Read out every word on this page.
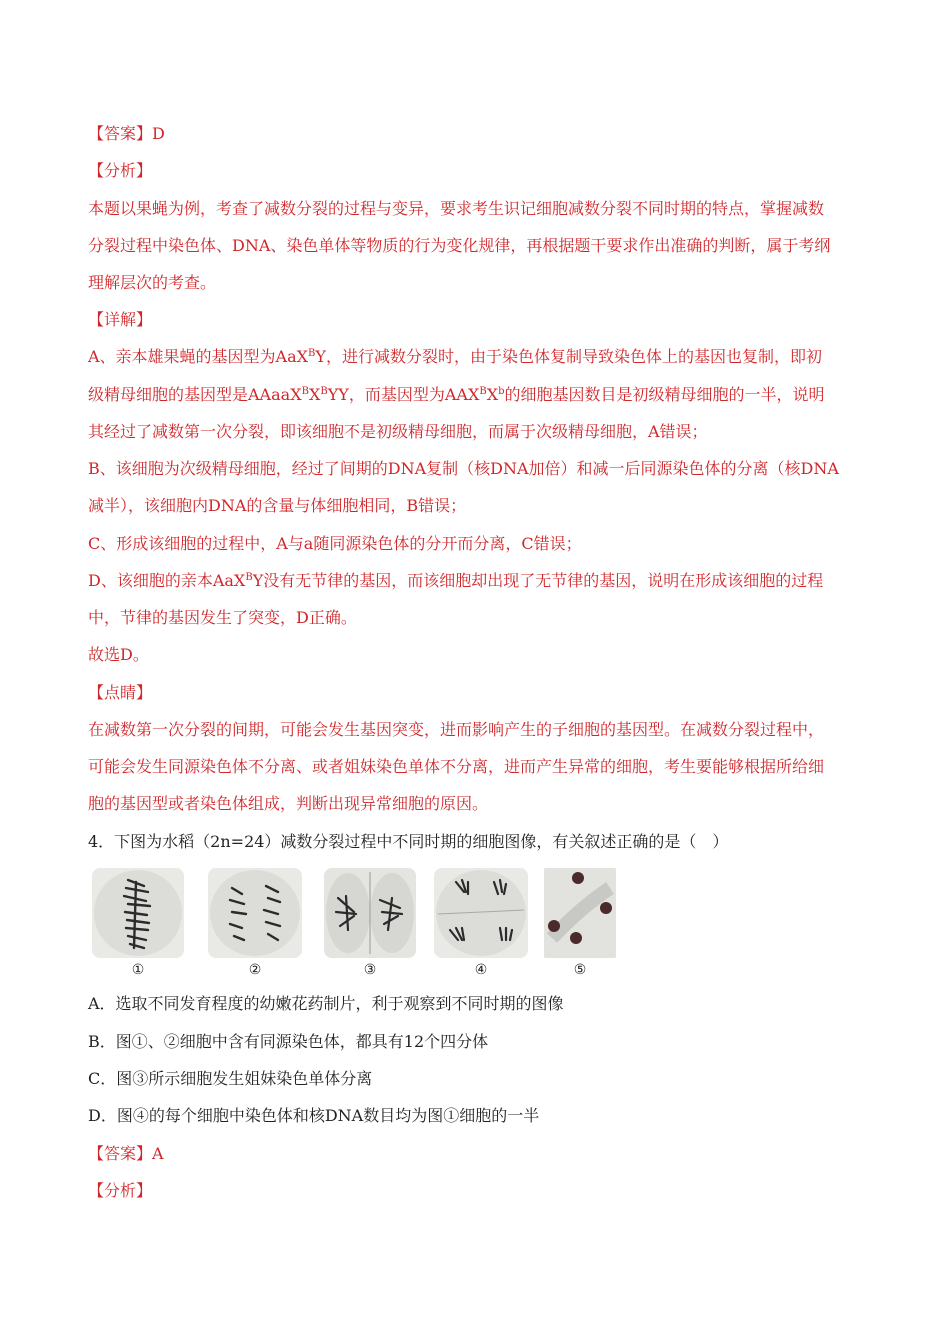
【答案】D
【分析】
本题以果蝇为例，考查了减数分裂的过程与变异，要求考生识记细胞减数分裂不同时期的特点，掌握减数
分裂过程中染色体、DNA、染色单体等物质的行为变化规律，再根据题干要求作出准确的判断，属于考纲
理解层次的考查。
【详解】
A、亲本雄果蝇的基因型为AaX$^B$Y，进行减数分裂时，由于染色体复制导致染色体上的基因也复制，即初
级精母细胞的基因型是$AAaaX^BX^BYY$，而基因型为$AAX^BX^b$的细胞基因数目是初级精母细胞的一半，说明
其经过了减数第一次分裂，即该细胞不是初级精母细胞，而属于次级精母细胞，A错误；
B、该细胞为次级精母细胞，经过了间期的DNA复制（核DNA加倍）和减一后同源染色体的分离（核DNA
减半），该细胞内DNA的含量与体细胞相同，B错误；
C、形成该细胞的过程中，A与a随同源染色体的分开而分离，C错误；
D、该细胞的亲本AaX$^B$Y没有无节律的基因，而该细胞却出现了无节律的基因，说明在形成该细胞的过程
中，节律的基因发生了突变，D正确。
故选D。
【点睛】
在减数第一次分裂的间期，可能会发生基因突变，进而影响产生的子细胞的基因型。在减数分裂过程中，
可能会发生同源染色体不分离、或者姐妹染色单体不分离，进而产生异常的细胞，考生要能够根据所给细
胞的基因型或者染色体组成，判断出现异常细胞的原因。
4．下图为水稻（2n=24）减数分裂过程中不同时期的细胞图像，有关叙述正确的是（　）
①	②	③	④	⑤
A．选取不同发育程度的幼嫩花药制片，利于观察到不同时期的图像
B．图①、②细胞中含有同源染色体，都具有12个四分体
C．图③所示细胞发生姐妹染色单体分离
D．图④的每个细胞中染色体和核DNA数目均为图①细胞的一半
【答案】A
【分析】
